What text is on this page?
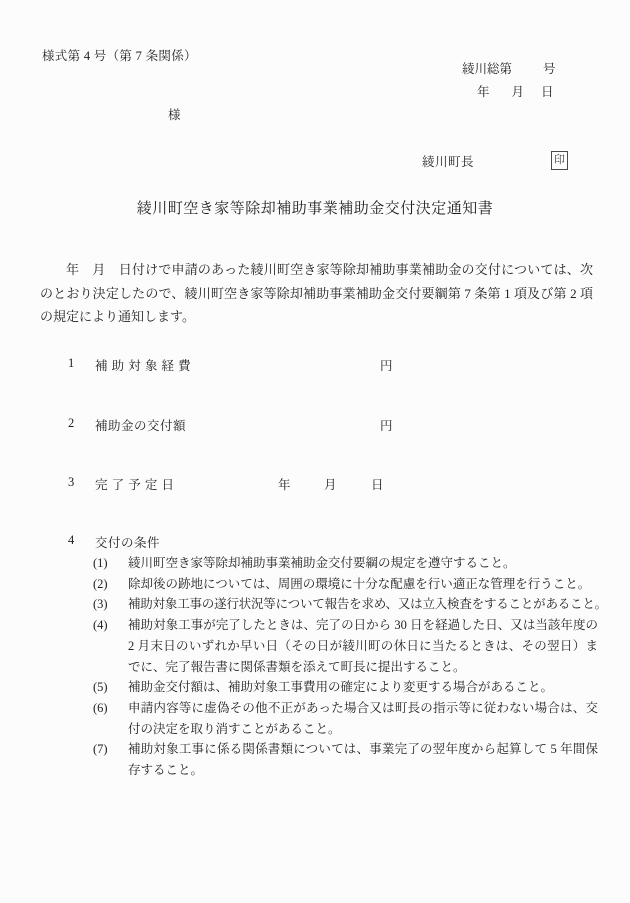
様式第 4 号（第 7 条関係）
綾川総第 号
年 月 日
様
綾川町長	印
綾川町空き家等除却補助事業補助金交付決定通知書
年　月　日付けで申請のあった綾川町空き家等除却補助事業補助金の交付については、次のとおり決定したので、綾川町空き家等除却補助事業補助金交付要綱第 7 条第 1 項及び第 2 項の規定により通知します。
1 補 助 対 象 経 費	円
2 補助金の交付額	円
3 完 了 予 定 日	年	月	日
4 交付の条件
(1) 綾川町空き家等除却補助事業補助金交付要綱の規定を遵守すること。
(2) 除却後の跡地については、周囲の環境に十分な配慮を行い適正な管理を行うこと。
(3) 補助対象工事の遂行状況等について報告を求め、又は立入検査をすることがあること。
(4) 補助対象工事が完了したときは、完了の日から 30 日を経過した日、又は当該年度の 2 月末日のいずれか早い日（その日が綾川町の休日に当たるときは、その翌日）までに、完了報告書に関係書類を添えて町長に提出すること。
(5) 補助金交付額は、補助対象工事費用の確定により変更する場合があること。
(6) 申請内容等に虚偽その他不正があった場合又は町長の指示等に従わない場合は、交付の決定を取り消すことがあること。
(7) 補助対象工事に係る関係書類については、事業完了の翌年度から起算して 5 年間保存すること。
